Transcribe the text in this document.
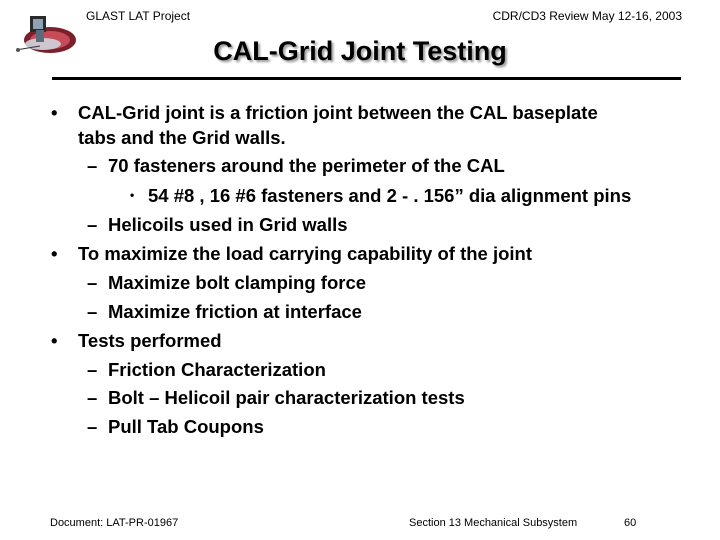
GLAST LAT Project	CDR/CD3 Review May 12-16, 2003
CAL-Grid Joint Testing
• CAL-Grid joint is a friction joint between the CAL baseplate
tabs and the Grid walls.
– 70 fasteners around the perimeter of the CAL
• 54 #8 , 16 #6 fasteners and 2 - . 156” dia alignment pins
– Helicoils used in Grid walls
• To maximize the load carrying capability of the joint
– Maximize bolt clamping force
– Maximize friction at interface
• Tests performed
– Friction Characterization
– Bolt – Helicoil pair characterization tests
– Pull Tab Coupons
Document: LAT-PR-01967	Section 13 Mechanical Subsystem	60
